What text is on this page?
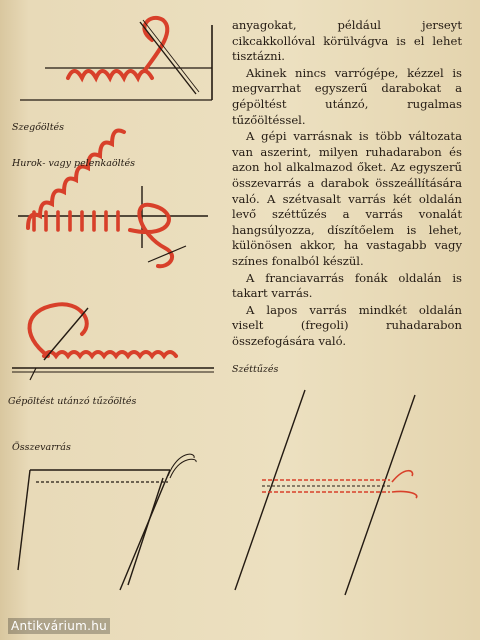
Szegőöltés
Hurok- vagy pelenkaöltés
Gépöltést utánzó tűzőöltés
Összevarrás
Széttűzés

anyagokat, például jerseyt cikcakkollóval körülvágva is el lehet tisztázni.

Akinek nincs varrógépe, kézzel is megvarrhat egyszerű darabokat a gépöltést utánzó, rugalmas tűzőöltéssel.

A gépi varrásnak is több változata van aszerint, milyen ruhadarabon és azon hol alkalmazod őket. Az egyszerű összevarrás a darabok összeállítására való. A szétvasalt varrás két oldalán levő széttűzés a varrás vonalát hangsúlyozza, díszítőelem is lehet, különösen akkor, ha vastagabb vagy színes fonalból készül.

A franciavarrás fonák oldalán is takart varrás.

A lapos varrás mindkét oldalán viselt (fregoli) ruhadarabon összefogására való.

Antikvárium.hu
